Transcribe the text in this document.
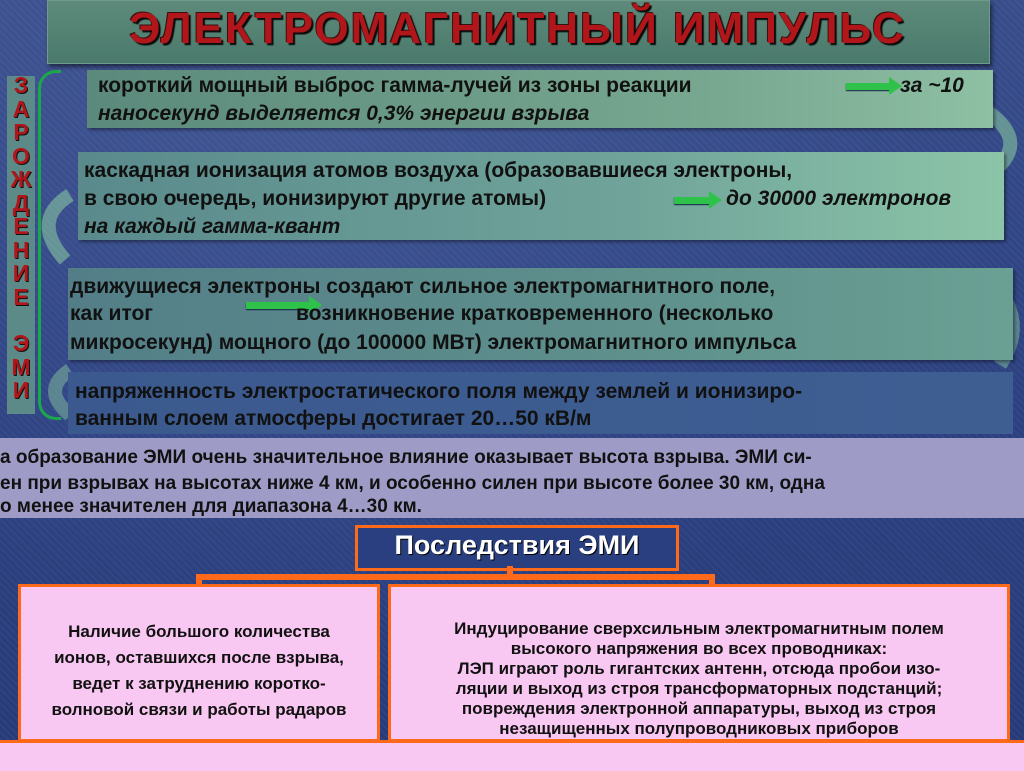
ЭЛЕКТРОМАГНИТНЫЙ ИМПУЛЬС
З
А
Р
О
Ж
Д
Е
Н
И
Е
Э
М
И
короткий мощный выброс гамма-лучей из зоны реакции	за ~10
наносекунд выделяется 0,3% энергии взрыва
каскадная ионизация атомов воздуха (образовавшиеся электроны,
в свою очередь, ионизируют другие атомы)	до 30000 электронов
на каждый гамма-квант
движущиеся электроны создают сильное электромагнитного поле,
как итог	возникновение кратковременного (несколько
микросекунд) мощного (до 100000 МВт) электромагнитного импульса
напряженность электростатического поля между землей и ионизиро-
ванным слоем атмосферы достигает 20…50 кВ/м
а образование ЭМИ очень значительное влияние оказывает высота взрыва. ЭМИ си-
ен при взрывах на высотах ниже 4 км, и особенно силен при высоте более 30 км, одна
о менее значителен для диапазона 4…30 км.
Последствия ЭМИ
Наличие большого количества
ионов, оставшихся после взрыва,
ведет к затруднению коротко-
волновой связи и работы радаров
Индуцирование сверхсильным электромагнитным полем
высокого напряжения во всех проводниках:
ЛЭП играют роль гигантских антенн, отсюда пробои изо-
ляции и выход из строя трансформаторных подстанций;
повреждения электронной аппаратуры, выход из строя
незащищенных полупроводниковых приборов
